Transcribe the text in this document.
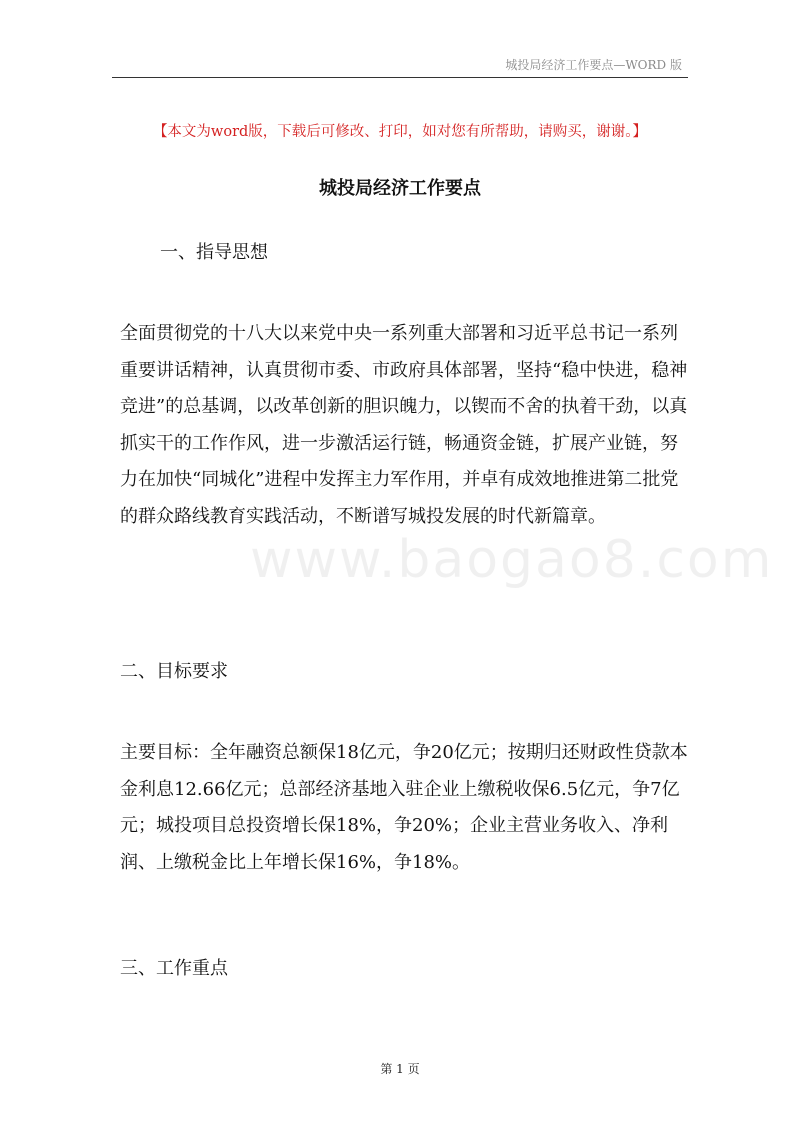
城投局经济工作要点—WORD 版
【本文为word版，下载后可修改、打印，如对您有所帮助，请购买，谢谢。】
城投局经济工作要点
一、指导思想

全面贯彻党的十八大以来党中央一系列重大部署和习近平总书记一系列重要讲话精神，认真贯彻市委、市政府具体部署，坚持“稳中快进，稳神竞进”的总基调，以改革创新的胆识魄力，以锲而不舍的执着干劲，以真抓实干的工作作风，进一步激活运行链，畅通资金链，扩展产业链，努力在加快“同城化”进程中发挥主力军作用，并卓有成效地推进第二批党的群众路线教育实践活动，不断谱写城投发展的时代新篇章。

www.baogao8.com
二、目标要求

主要目标：全年融资总额保18亿元，争20亿元；按期归还财政性贷款本金利息12.66亿元；总部经济基地入驻企业上缴税收保6.5亿元，争7亿元；城投项目总投资增长保18%，争20%；企业主营业务收入、净利润、上缴税金比上年增长保16%，争18%。

三、工作重点
第 1 页
